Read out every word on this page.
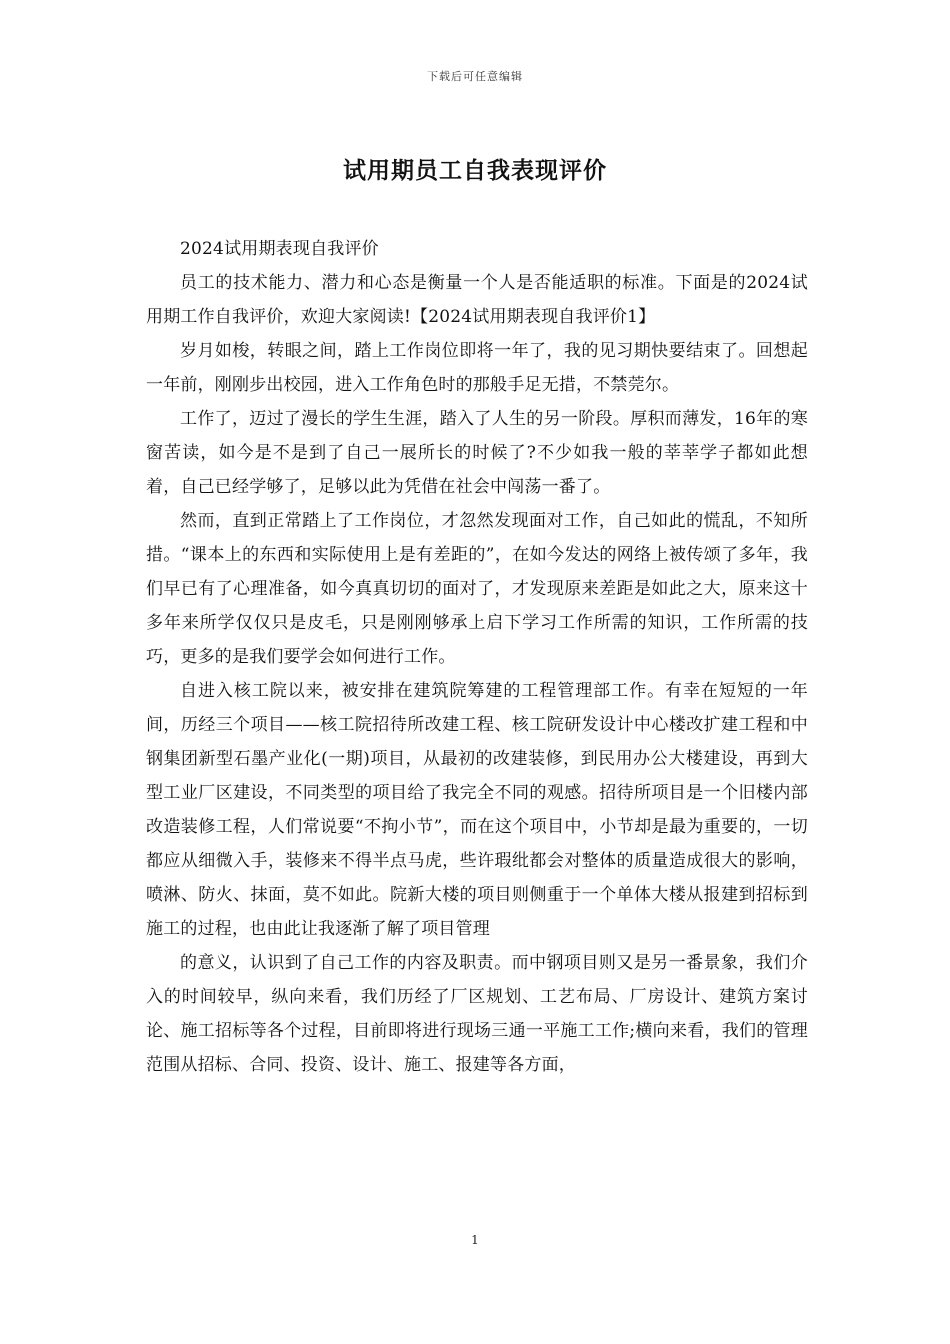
下载后可任意编辑
试用期员工自我表现评价

2024试用期表现自我评价

员工的技术能力、潜力和心态是衡量一个人是否能适职的标准。下面是的2024试用期工作自我评价，欢迎大家阅读!【2024试用期表现自我评价1】

岁月如梭，转眼之间，踏上工作岗位即将一年了，我的见习期快要结束了。回想起一年前，刚刚步出校园，进入工作角色时的那般手足无措，不禁莞尔。

工作了，迈过了漫长的学生生涯，踏入了人生的另一阶段。厚积而薄发，16年的寒窗苦读，如今是不是到了自己一展所长的时候了?不少如我一般的莘莘学子都如此想着，自己已经学够了，足够以此为凭借在社会中闯荡一番了。

然而，直到正常踏上了工作岗位，才忽然发现面对工作，自己如此的慌乱，不知所措。“课本上的东西和实际使用上是有差距的”，在如今发达的网络上被传颂了多年，我们早已有了心理准备，如今真真切切的面对了，才发现原来差距是如此之大，原来这十多年来所学仅仅只是皮毛，只是刚刚够承上启下学习工作所需的知识，工作所需的技巧，更多的是我们要学会如何进行工作。

自进入核工院以来，被安排在建筑院筹建的工程管理部工作。有幸在短短的一年间，历经三个项目——核工院招待所改建工程、核工院研发设计中心楼改扩建工程和中钢集团新型石墨产业化(一期)项目，从最初的改建装修，到民用办公大楼建设，再到大型工业厂区建设，不同类型的项目给了我完全不同的观感。招待所项目是一个旧楼内部改造装修工程，人们常说要“不拘小节”，而在这个项目中，小节却是最为重要的，一切都应从细微入手，装修来不得半点马虎，些许瑕纰都会对整体的质量造成很大的影响，喷淋、防火、抹面，莫不如此。院新大楼的项目则侧重于一个单体大楼从报建到招标到施工的过程，也由此让我逐渐了解了项目管理

的意义，认识到了自己工作的内容及职责。而中钢项目则又是另一番景象，我们介入的时间较早，纵向来看，我们历经了厂区规划、工艺布局、厂房设计、建筑方案讨论、施工招标等各个过程，目前即将进行现场三通一平施工工作;横向来看，我们的管理范围从招标、合同、投资、设计、施工、报建等各方面，

1
